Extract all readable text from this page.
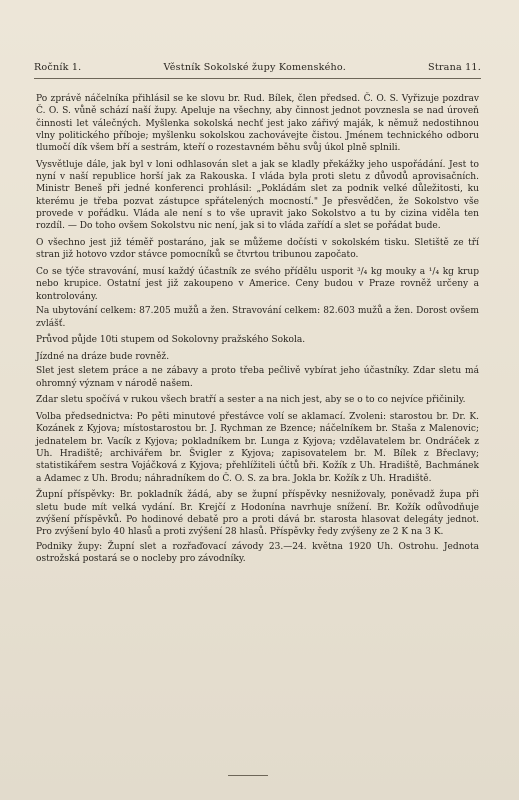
Ročník 1.	Věstník Sokolské župy Komenského.	Strana 11.

Po zprávě náčelníka přihlásil se ke slovu br. Rud. Bílek, člen předsed. Č. O. S. Vyřizuje pozdrav Č. O. S. vůně schází naší župy. Apeluje na všechny, aby činnost jednot povznesla se nad úroveň činnosti let válečných. Myšlenka sokolská nechť jest jako zářivý maják, k němuž nedostihnou vlny politického příboje; myšlenku sokolskou zachovávejte čistou. Jménem technického odboru tlumočí dík všem bří a sestrám, kteří o rozestavném běhu svůj úkol plně splnili.

Vysvětluje dále, jak byl v loni odhlasován slet a jak se kladly překážky jeho uspořádání. Jest to nyní v naší republice horší jak za Rakouska. I vláda byla proti sletu z důvodů aprovisačních. Ministr Beneš při jedné konferenci prohlásil: „Pokládám slet za podnik velké důležitosti, ku kterému je třeba pozvat zástupce spřátelených mocností." Je přesvědčen, že Sokolstvo vše provede v pořádku. Vláda ale není s to vše upravit jako Sokolstvo a tu by cizina viděla ten rozdíl. — Do toho ovšem Sokolstvu nic není, jak si to vláda zařídí a slet se pořádat bude.

O všechno jest již téměř postaráno, jak se můžeme dočísti v sokolském tisku. Sletiště ze tří stran již hotovo vzdor stávce pomocníků se čtvrtou tribunou započato.

Co se týče stravování, musí každý účastník ze svého přídělu usporit ³/₄ kg mouky a ¹/₄ kg krup nebo krupice. Ostatní jest již zakoupeno v Americe. Ceny budou v Praze rovněž určeny a kontrolovány.

Na ubytování celkem: 87.205 mužů a žen. Stravování celkem: 82.603 mužů a žen. Dorost ovšem zvlášť.

Průvod půjde 10ti stupem od Sokolovny pražského Sokola.

Jízdné na dráze bude rovněž.

Slet jest sletem práce a ne zábavy a proto třeba pečlivě vybírat jeho účastníky. Zdar sletu má ohromný význam v národě našem.

Zdar sletu spočívá v rukou všech bratří a sester a na nich jest, aby se o to co nejvíce přičinily.

Volba předsednictva: Po pěti minutové přestávce volí se aklamací. Zvoleni: starostou br. Dr. K. Kozánek z Kyjova; místostarostou br. J. Rychman ze Bzence; náčelníkem br. Staša z Malenovic; jednatelem br. Vacík z Kyjova; pokladníkem br. Lunga z Kyjova; vzdělavatelem br. Ondráček z Uh. Hradiště; archivářem br. Švigler z Kyjova; zapisovatelem br. M. Bílek z Břeclavy; statistikářem sestra Vojáčková z Kyjova; přehlížiteli účtů bři. Kožík z Uh. Hradiště, Bachmánek a Adamec z Uh. Brodu; náhradníkem do Č. O. S. za bra. Jokla br. Kožík z Uh. Hradiště.

Župní příspěvky: Br. pokladník žádá, aby se župní příspěvky nesnižovaly, poněvadž župa při sletu bude mít velká vydání. Br. Krejčí z Hodonína navrhuje snížení. Br. Kožík odůvodňuje zvýšení příspěvků. Po hodinové debatě pro a proti dává br. starosta hlasovat delegáty jednot. Pro zvýšení bylo 40 hlasů a proti zvýšení 28 hlasů. Příspěvky ředy zvýšeny ze 2 K na 3 K.

Podniky župy: Župní slet a rozřaďovací závody 23.—24. května 1920 Uh. Ostrohu. Jednota ostrožská postará se o nocleby pro závodníky.
